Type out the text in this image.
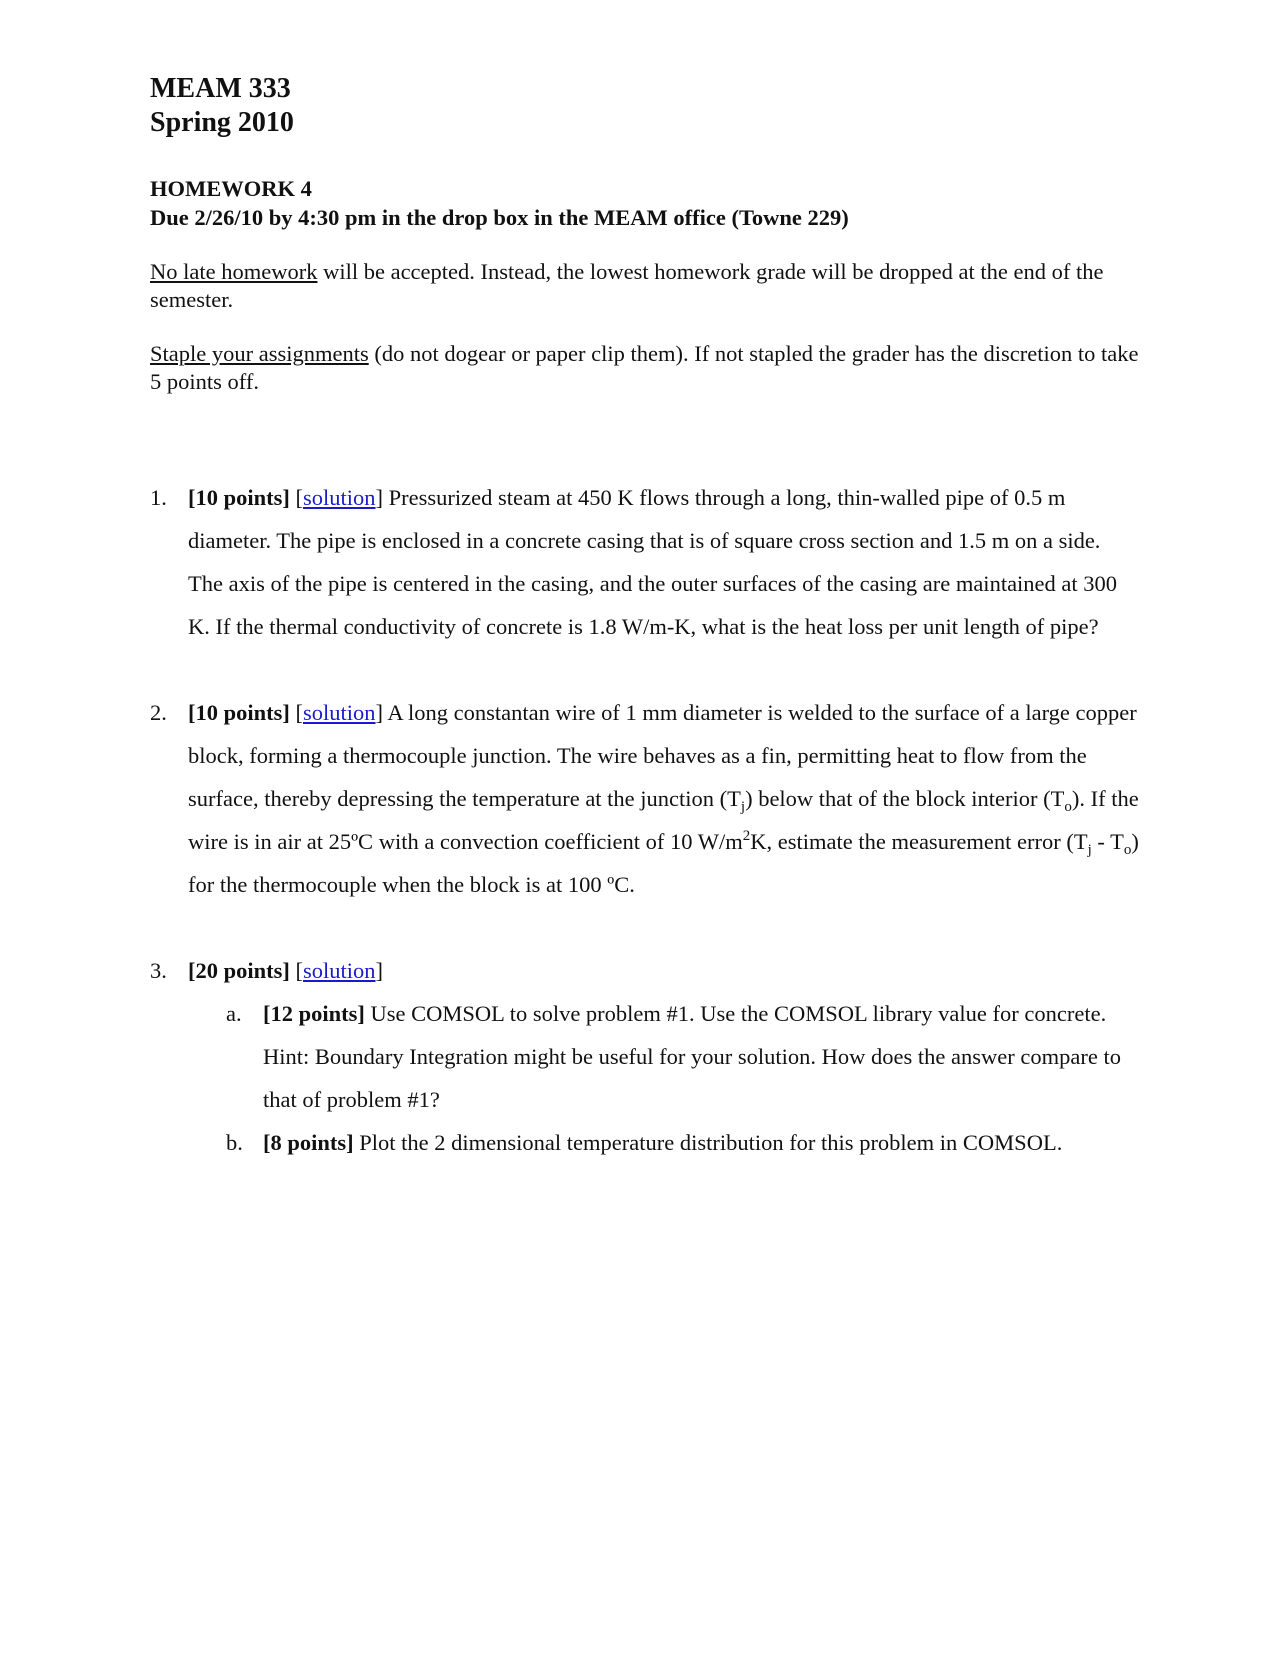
MEAM 333
Spring 2010
HOMEWORK 4
Due 2/26/10 by 4:30 pm in the drop box in the MEAM office (Towne 229)
No late homework will be accepted. Instead, the lowest homework grade will be dropped at the end of the semester.
Staple your assignments (do not dogear or paper clip them). If not stapled the grader has the discretion to take 5 points off.
1. [10 points] [solution] Pressurized steam at 450 K flows through a long, thin-walled pipe of 0.5 m diameter. The pipe is enclosed in a concrete casing that is of square cross section and 1.5 m on a side. The axis of the pipe is centered in the casing, and the outer surfaces of the casing are maintained at 300 K. If the thermal conductivity of concrete is 1.8 W/m-K, what is the heat loss per unit length of pipe?
2. [10 points] [solution] A long constantan wire of 1 mm diameter is welded to the surface of a large copper block, forming a thermocouple junction. The wire behaves as a fin, permitting heat to flow from the surface, thereby depressing the temperature at the junction $(T_j)$ below that of the block interior $(T_o)$. If the wire is in air at 25ºC with a convection coefficient of 10 $W/m^2K$, estimate the measurement error $(T_j - T_o)$ for the thermocouple when the block is at 100 ºC.
3. [20 points] [solution]
a. [12 points] Use COMSOL to solve problem #1. Use the COMSOL library value for concrete. Hint: Boundary Integration might be useful for your solution. How does the answer compare to that of problem #1?
b. [8 points] Plot the 2 dimensional temperature distribution for this problem in COMSOL.
